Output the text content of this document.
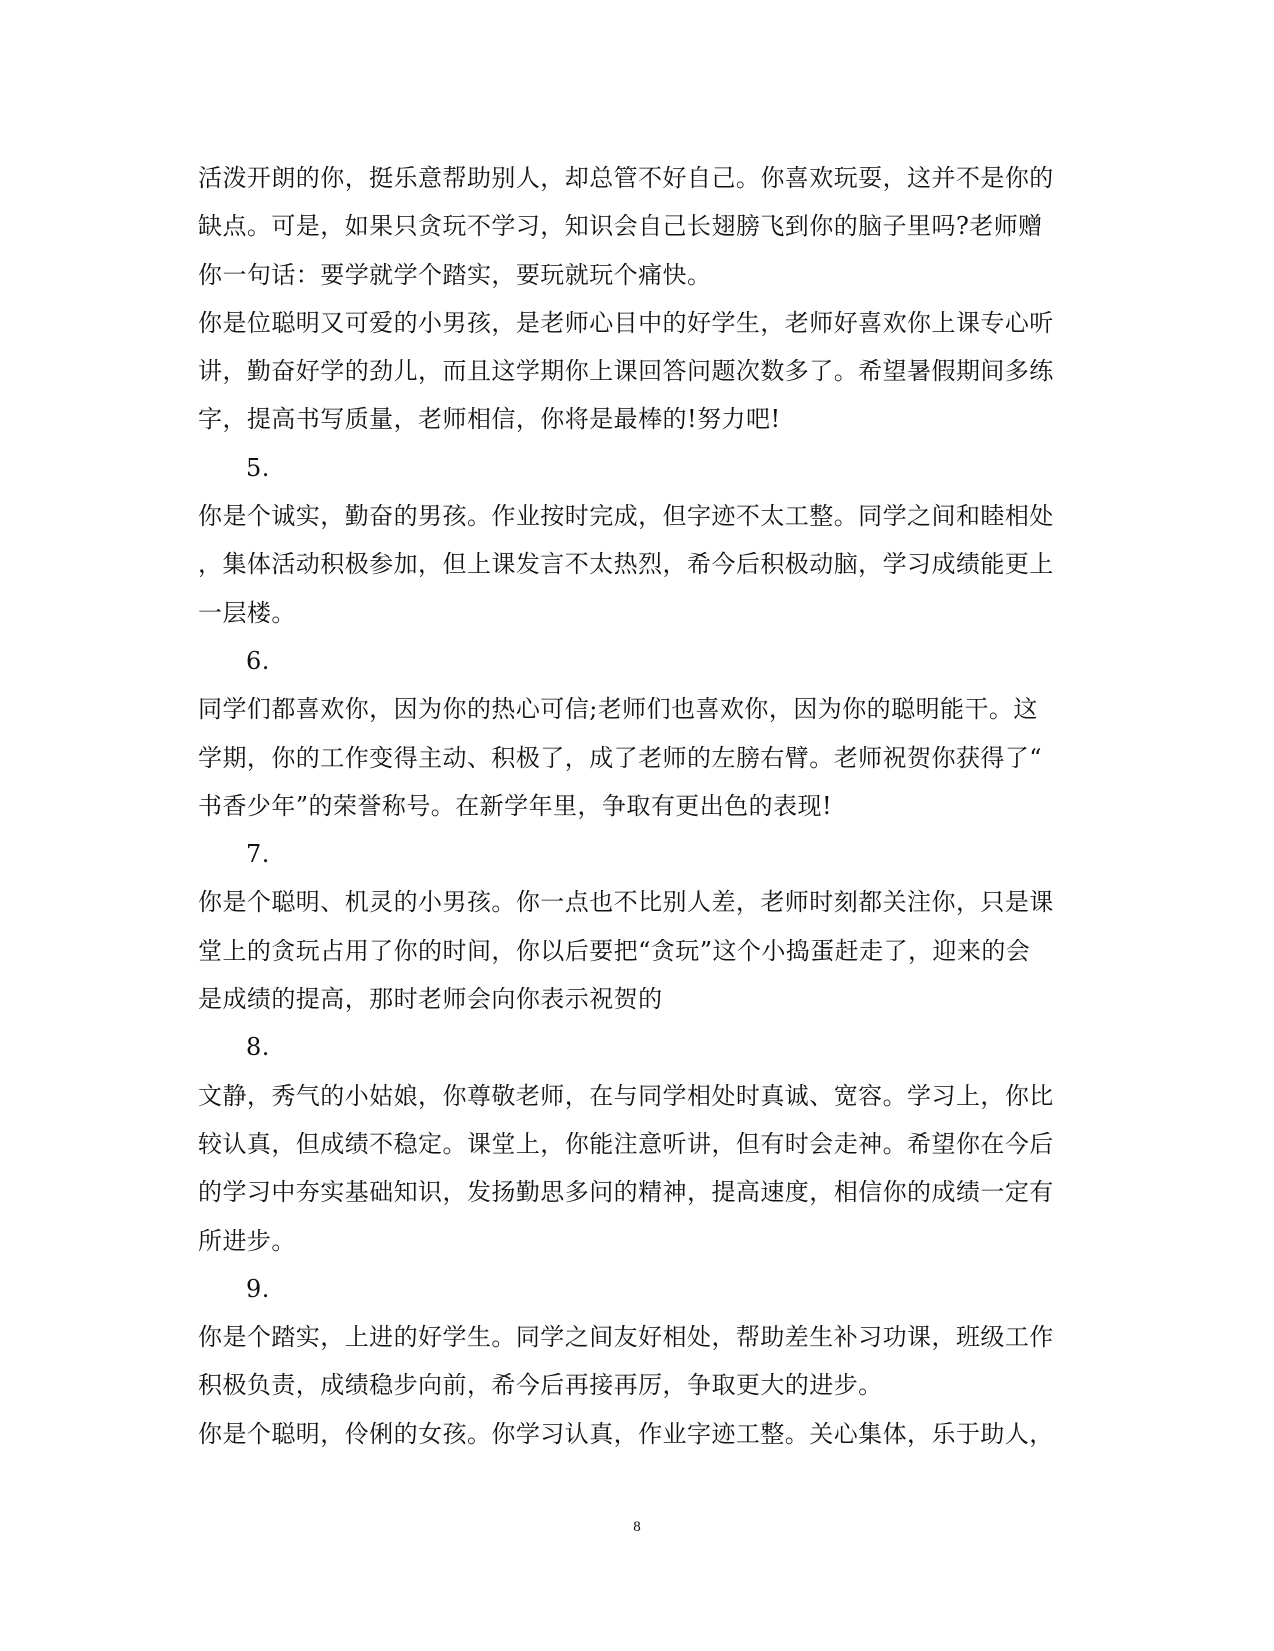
活泼开朗的你，挺乐意帮助别人，却总管不好自己。你喜欢玩耍，这并不是你的
缺点。可是，如果只贪玩不学习，知识会自己长翅膀飞到你的脑子里吗?老师赠
你一句话：要学就学个踏实，要玩就玩个痛快。
你是位聪明又可爱的小男孩，是老师心目中的好学生，老师好喜欢你上课专心听
讲，勤奋好学的劲儿，而且这学期你上课回答问题次数多了。希望暑假期间多练
字，提高书写质量，老师相信，你将是最棒的!努力吧!
5.
你是个诚实，勤奋的男孩。作业按时完成，但字迹不太工整。同学之间和睦相处
，集体活动积极参加，但上课发言不太热烈，希今后积极动脑，学习成绩能更上
一层楼。
6.
同学们都喜欢你，因为你的热心可信;老师们也喜欢你，因为你的聪明能干。这
学期，你的工作变得主动、积极了，成了老师的左膀右臂。老师祝贺你获得了“
书香少年”的荣誉称号。在新学年里，争取有更出色的表现!
7.
你是个聪明、机灵的小男孩。你一点也不比别人差，老师时刻都关注你，只是课
堂上的贪玩占用了你的时间，你以后要把“贪玩”这个小捣蛋赶走了，迎来的会
是成绩的提高，那时老师会向你表示祝贺的
8.
文静，秀气的小姑娘，你尊敬老师，在与同学相处时真诚、宽容。学习上，你比
较认真，但成绩不稳定。课堂上，你能注意听讲，但有时会走神。希望你在今后
的学习中夯实基础知识，发扬勤思多问的精神，提高速度，相信你的成绩一定有
所进步。
9.
你是个踏实，上进的好学生。同学之间友好相处，帮助差生补习功课，班级工作
积极负责，成绩稳步向前，希今后再接再厉，争取更大的进步。
你是个聪明，伶俐的女孩。你学习认真，作业字迹工整。关心集体，乐于助人，
8
